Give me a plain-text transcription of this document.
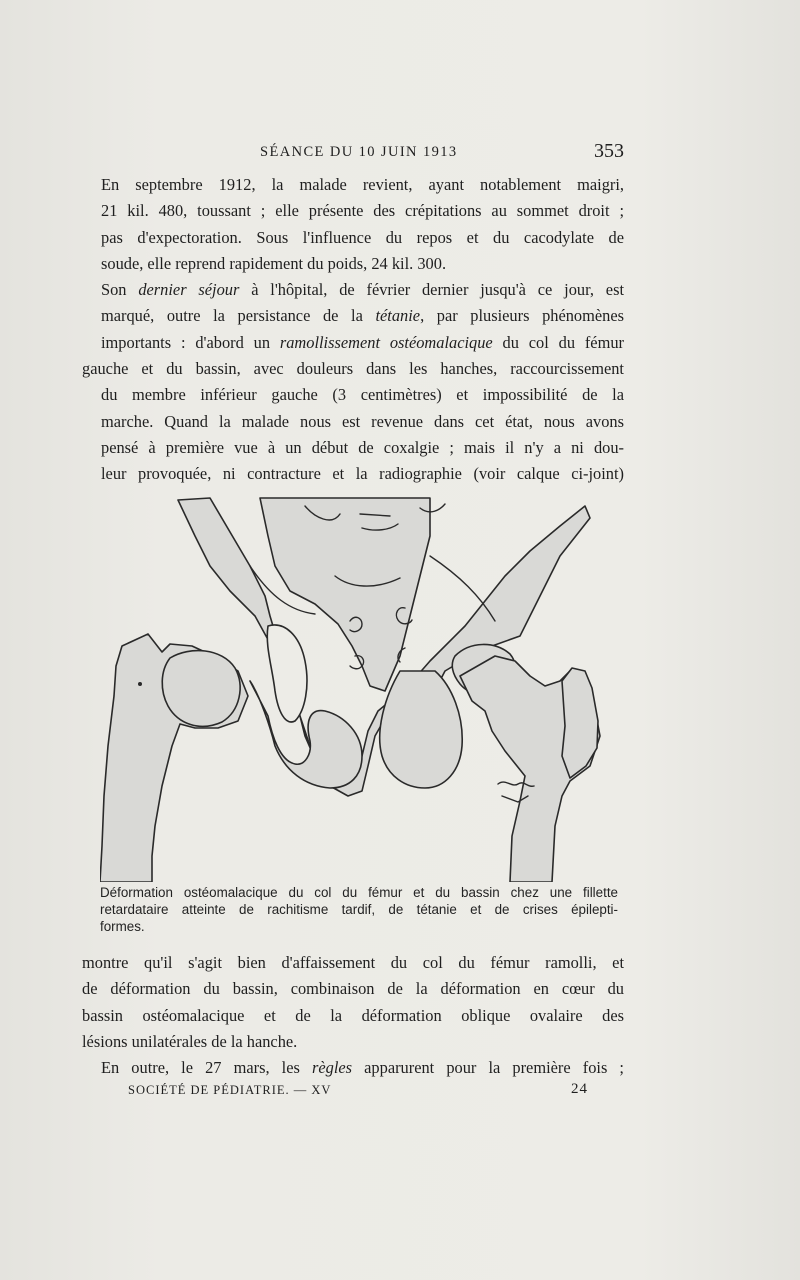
SÉANCE DU 10 JUIN 1913	353

En septembre 1912, la malade revient, ayant notablement maigri,
21 kil. 480, toussant ; elle présente des crépitations au sommet droit ;
pas d'expectoration. Sous l'influence du repos et du cacodylate de
soude, elle reprend rapidement du poids, 24 kil. 300.

Son dernier séjour à l'hôpital, de février dernier jusqu'à ce jour, est
marqué, outre la persistance de la tétanie, par plusieurs phénomènes
importants : d'abord un ramollissement ostéomalacique du col du fémur
gauche et du bassin, avec douleurs dans les hanches, raccourcissement
du membre inférieur gauche (3 centimètres) et impossibilité de la
marche. Quand la malade nous est revenue dans cet état, nous avons
pensé à première vue à un début de coxalgie ; mais il n'y a ni dou-
leur provoquée, ni contracture et la radiographie (voir calque ci-joint)

Déformation ostéomalacique du col du fémur et du bassin chez une fillette
retardataire atteinte de rachitisme tardif, de tétanie et de crises épilepti-
formes.

montre qu'il s'agit bien d'affaissement du col du fémur ramolli, et
de déformation du bassin, combinaison de la déformation en cœur du
bassin ostéomalacique et de la déformation oblique ovalaire des
lésions unilatérales de la hanche.

En outre, le 27 mars, les règles apparurent pour la première fois ;

SOCIÉTÉ DE PÉDIATRIE. — XV	24
